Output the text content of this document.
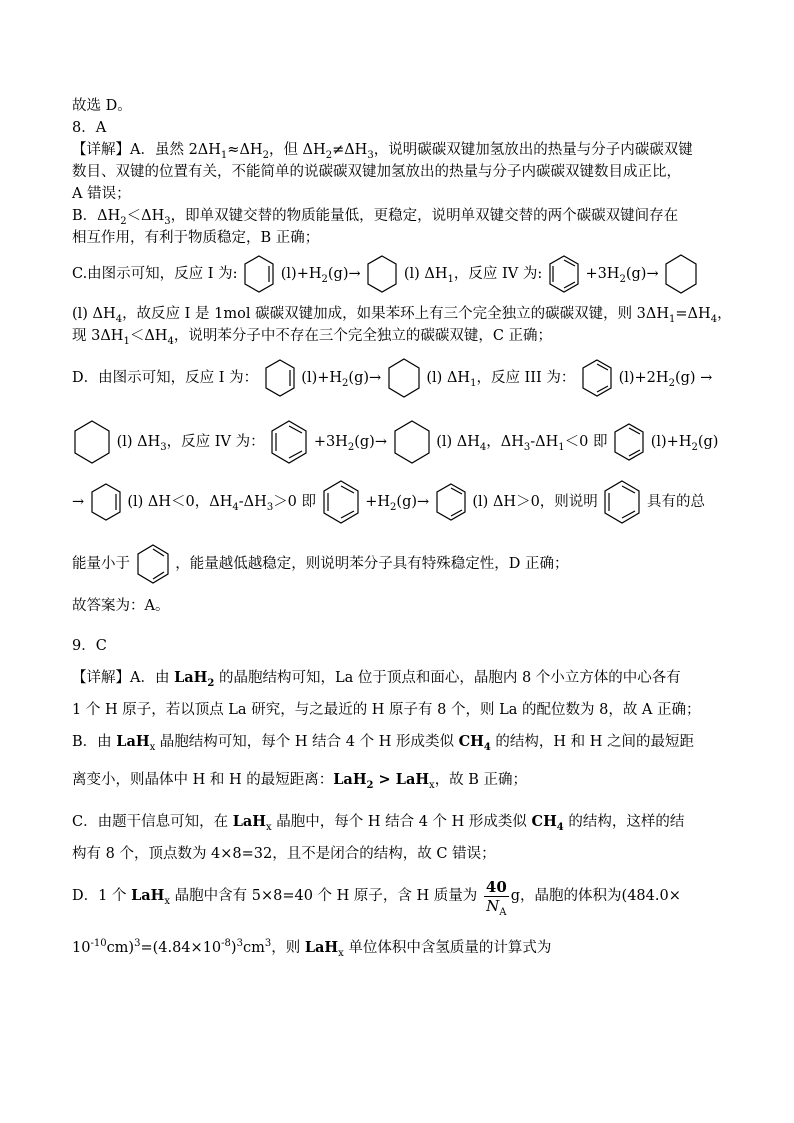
故选 D。
8．A
【详解】A．虽然 $2\Delta H_1\approx\Delta H_2$，但 $\Delta H_2\ne\Delta H_3$，说明碳碳双键加氢放出的热量与分子内碳碳双键
数目、双键的位置有关，不能简单的说碳碳双键加氢放出的热量与分子内碳碳双键数目成正比，
A 错误；
B．$\Delta H_2<\Delta H_3$，即单双键交替的物质能量低，更稳定，说明单双键交替的两个碳碳双键间存在
相互作用，有利于物质稳定，B 正确；
C.由图示可知，反应 I 为:	$(l)+H_2(g)\to$	(l) $\Delta H_1$，反应 IV 为:	$+3H_2(g)\to$
(l) $\Delta H_4$，故反应 I 是 1mol 碳碳双键加成，如果苯环上有三个完全独立的碳碳双键，则 $3\Delta H_1=\Delta H_4$，
现 $3\Delta H_1<\Delta H_4$，说明苯分子中不存在三个完全独立的碳碳双键，C 正确；
D．由图示可知，反应 I 为：	$(l)+H_2(g)\to$	(l) $\Delta H_1$，反应 III 为：	$(l)+2H_2(g)$ →
(l) $\Delta H_3$，反应 IV 为：	$+3H_2(g)\to$	(l) $\Delta H_4$，$\Delta H_3-\Delta H_1<0$ 即	$(l)+H_2(g)$
→	(l) ΔH＜0，$\Delta H_4-\Delta H_3>0$ 即	$+H_2(g)\to$	(l) ΔH＞0，则说明	具有的总
能量小于	，能量越低越稳定，则说明苯分子具有特殊稳定性，D 正确；
故答案为：A。
9．C
【详解】A．由 LaH$_2$ 的晶胞结构可知，La 位于顶点和面心，晶胞内 8 个小立方体的中心各有
1 个 H 原子，若以顶点 La 研究，与之最近的 H 原子有 8 个，则 La 的配位数为 8，故 A 正确；
B．由 LaH$_x$ 晶胞结构可知，每个 H 结合 4 个 H 形成类似 $CH_4$ 的结构，H 和 H 之间的最短距
离变小，则晶体中 H 和 H 的最短距离：LaH$_2$ > LaH$_x$，故 B 正确；
C．由题干信息可知，在 LaH$_x$ 晶胞中，每个 H 结合 4 个 H 形成类似 $CH_4$ 的结构，这样的结
构有 8 个，顶点数为 4×8=32，且不是闭合的结构，故 C 错误；
D．1 个 LaH$_x$ 晶胞中含有 5×8=40 个 H 原子，含 H 质量为 $\frac{40}{N_A}$ g，晶胞的体积为(484.0×
$10^{-10}cm)^3=(4.84\times 10^{-8})^3cm^3$，则 LaH$_x$ 单位体积中含氢质量的计算式为
